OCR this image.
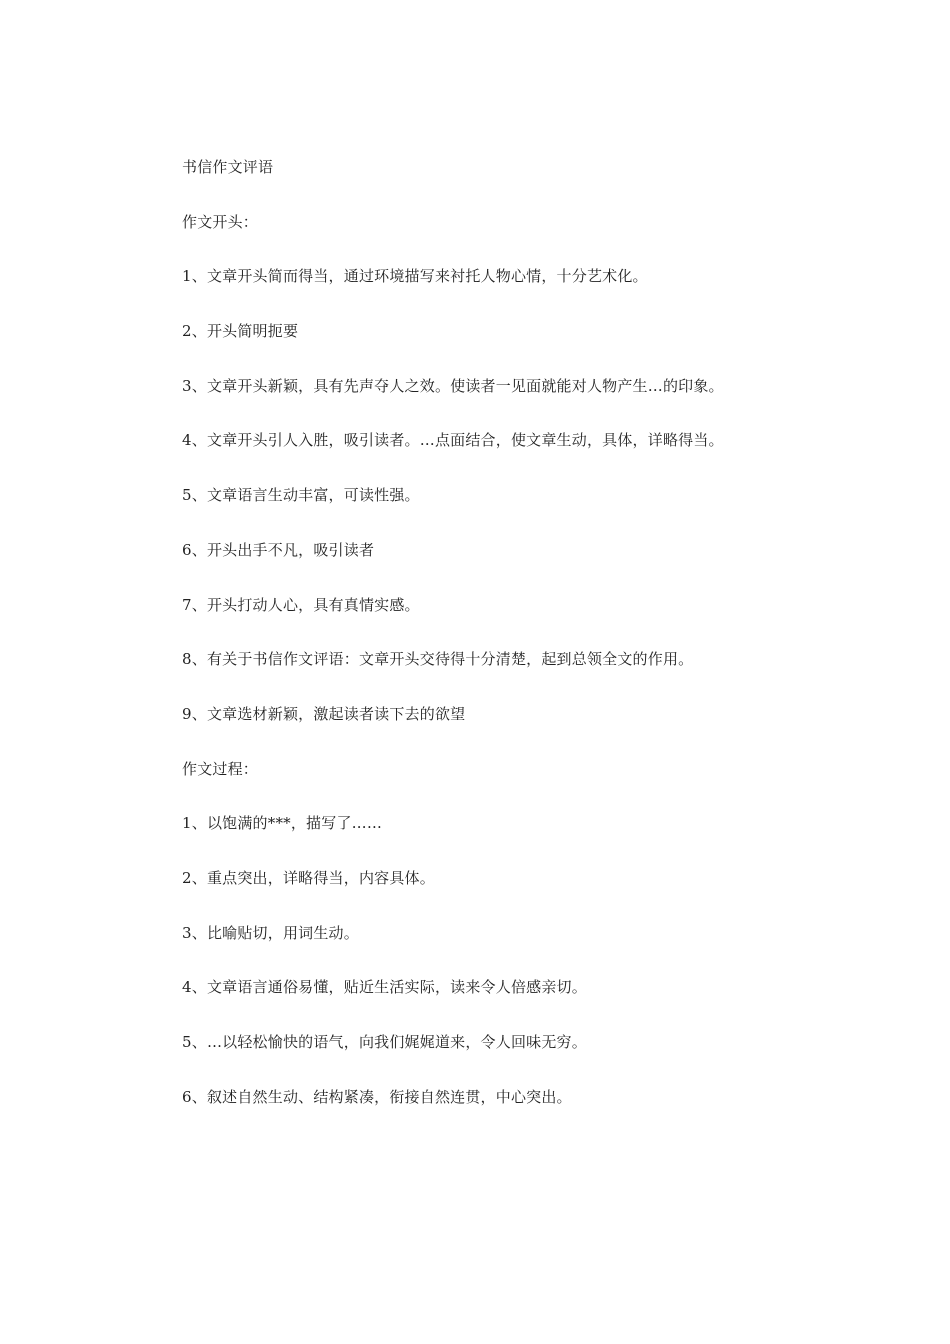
书信作文评语
作文开头：
1、文章开头简而得当，通过环境描写来衬托人物心情，十分艺术化。
2、开头简明扼要
3、文章开头新颖，具有先声夺人之效。使读者一见面就能对人物产生…的印象。
4、文章开头引人入胜，吸引读者。…点面结合，使文章生动，具体，详略得当。
5、文章语言生动丰富，可读性强。
6、开头出手不凡，吸引读者
7、开头打动人心，具有真情实感。
8、有关于书信作文评语：文章开头交待得十分清楚，起到总领全文的作用。
9、文章选材新颖，激起读者读下去的欲望
作文过程：
1、以饱满的***，描写了……
2、重点突出，详略得当，内容具体。
3、比喻贴切，用词生动。
4、文章语言通俗易懂，贴近生活实际，读来令人倍感亲切。
5、…以轻松愉快的语气，向我们娓娓道来，令人回味无穷。
6、叙述自然生动、结构紧凑，衔接自然连贯，中心突出。
